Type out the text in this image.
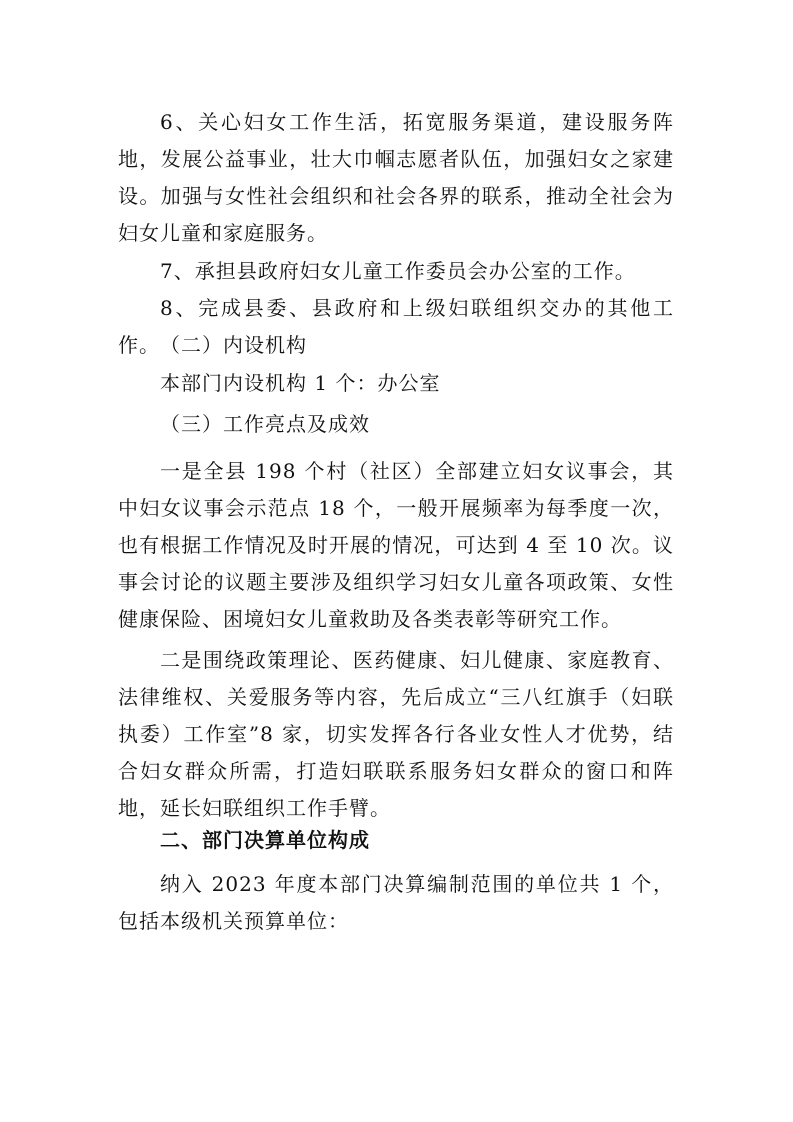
6、关心妇女工作生活，拓宽服务渠道，建设服务阵地，发展公益事业，壮大巾帼志愿者队伍，加强妇女之家建设。加强与女性社会组织和社会各界的联系，推动全社会为妇女儿童和家庭服务。
7、承担县政府妇女儿童工作委员会办公室的工作。
8、完成县委、县政府和上级妇联组织交办的其他工作。 （二）内设机构
本部门内设机构 1 个：办公室
（三）工作亮点及成效
一是全县 198 个村（社区）全部建立妇女议事会，其中妇女议事会示范点 18 个，一般开展频率为每季度一次，也有根据工作情况及时开展的情况，可达到 4 至 10 次。议事会讨论的议题主要涉及组织学习妇女儿童各项政策、女性健康保险、困境妇女儿童救助及各类表彰等研究工作。
二是围绕政策理论、医药健康、妇儿健康、家庭教育、法律维权、关爱服务等内容，先后成立“三八红旗手（妇联执委）工作室”8 家，切实发挥各行各业女性人才优势，结合妇女群众所需，打造妇联联系服务妇女群众的窗口和阵地，延长妇联组织工作手臂。
二、部门决算单位构成
纳入 2023 年度本部门决算编制范围的单位共 1 个，包括本级机关预算单位：
